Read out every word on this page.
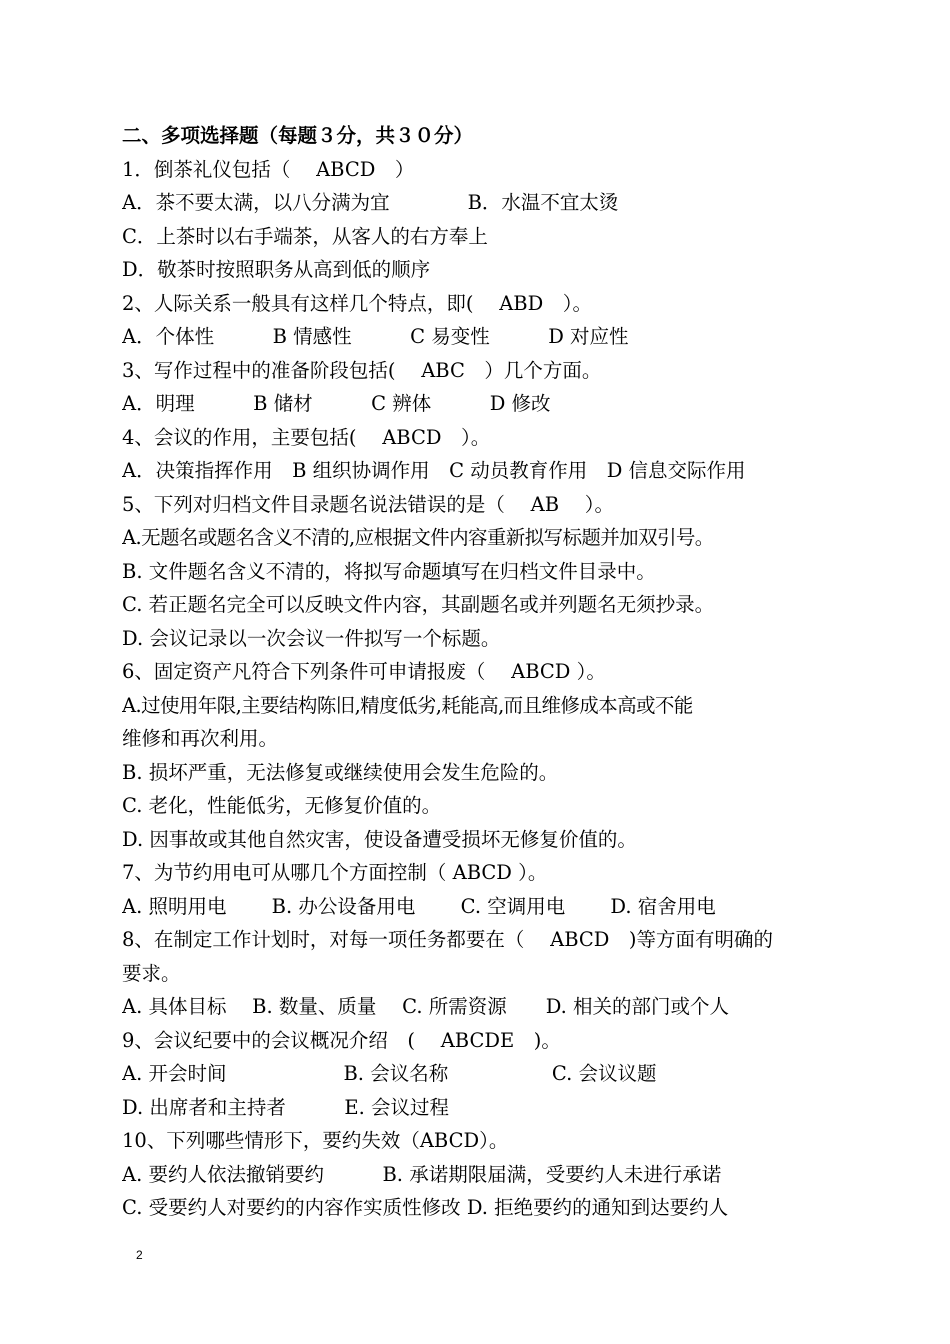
二、多项选择题（每题３分，共３０分）
1．倒茶礼仪包括（　 ABCD　）
A．茶不要太满，以八分满为宜　　　　B．水温不宜太烫
C．上茶时以右手端茶，从客人的右方奉上
D．敬茶时按照职务从高到低的顺序
2、人际关系一般具有这样几个特点，即(　 ABD　）。
A．个体性　　　B 情感性　　　C 易变性　　　D 对应性
3、写作过程中的准备阶段包括(　 ABC　）几个方面。
A．明理　　　B 储材　　　C 辨体　　　D 修改
4、会议的作用，主要包括(　 ABCD　）。
A．决策指挥作用　B 组织协调作用　C 动员教育作用　D 信息交际作用
5、下列对归档文件目录题名说法错误的是（　 AB　 ）。
A.无题名或题名含义不清的,应根据文件内容重新拟写标题并加双引号。
B. 文件题名含义不清的，将拟写命题填写在归档文件目录中。
C. 若正题名完全可以反映文件内容，其副题名或并列题名无须抄录。
D. 会议记录以一次会议一件拟写一个标题。
6、固定资产凡符合下列条件可申请报废（　 ABCD ）。
A.过使用年限,主要结构陈旧,精度低劣,耗能高,而且维修成本高或不能
维修和再次利用。
B. 损坏严重，无法修复或继续使用会发生危险的。
C. 老化，性能低劣，无修复价值的。
D. 因事故或其他自然灾害，使设备遭受损坏无修复价值的。
7、为节约用电可从哪几个方面控制（ ABCD ）。
A. 照明用电　　 B. 办公设备用电　　 C. 空调用电　　 D. 宿舍用电
8、在制定工作计划时，对每一项任务都要在（　 ABCD　)等方面有明确的
要求。
A. 具体目标　 B. 数量、质量　 C. 所需资源　　D. 相关的部门或个人
9、会议纪要中的会议概况介绍　(　 ABCDE　)。
A. 开会时间　　　　　　B. 会议名称　　　　　 C. 会议议题
D. 出席者和主持者　　　E. 会议过程
10、下列哪些情形下，要约失效（ABCD）。
A. 要约人依法撤销要约　　　B. 承诺期限届满，受要约人未进行承诺
C. 受要约人对要约的内容作实质性修改 D. 拒绝要约的通知到达要约人
2
